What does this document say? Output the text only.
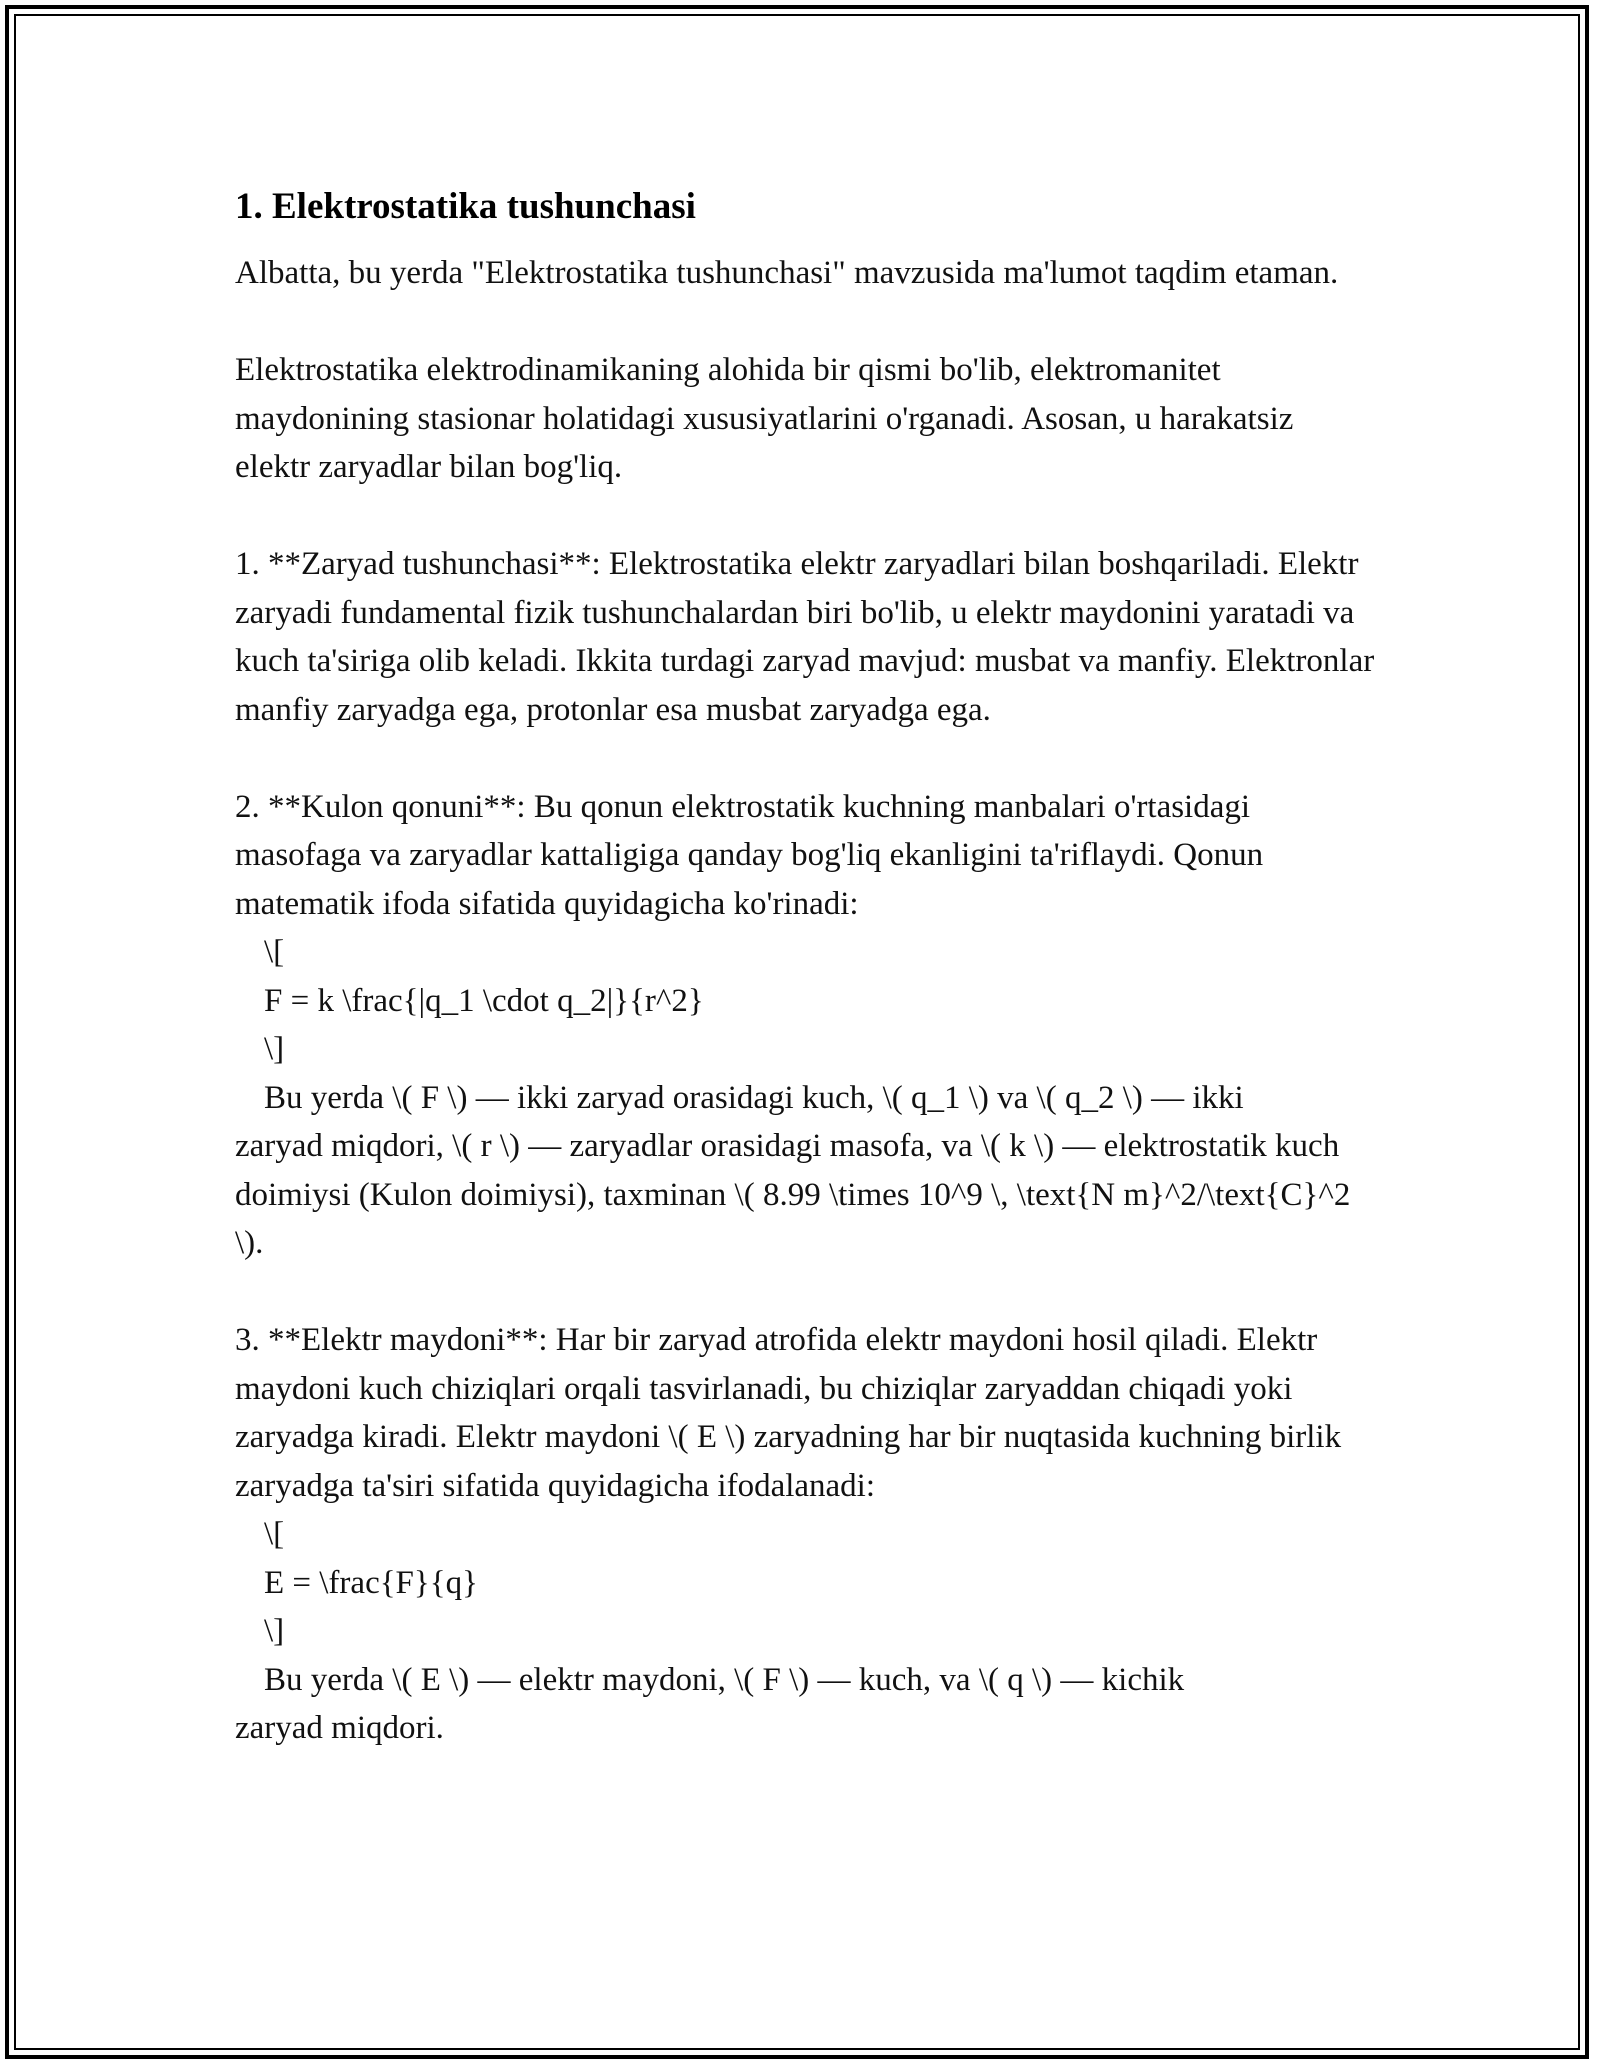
1. Elektrostatika tushunchasi

Albatta, bu yerda "Elektrostatika tushunchasi" mavzusida ma'lumot taqdim etaman.

Elektrostatika elektrodinamikaning alohida bir qismi bo'lib, elektromanitet maydonining stasionar holatidagi xususiyatlarini o'rganadi. Asosan, u harakatsiz elektr zaryadlar bilan bog'liq.

1. **Zaryad tushunchasi**: Elektrostatika elektr zaryadlari bilan boshqariladi. Elektr zaryadi fundamental fizik tushunchalardan biri bo'lib, u elektr maydonini yaratadi va kuch ta'siriga olib keladi. Ikkita turdagi zaryad mavjud: musbat va manfiy. Elektronlar manfiy zaryadga ega, protonlar esa musbat zaryadga ega.

2. **Kulon qonuni**: Bu qonun elektrostatik kuchning manbalari o'rtasidagi masofaga va zaryadlar kattaligiga qanday bog'liq ekanligini ta'riflaydi. Qonun matematik ifoda sifatida quyidagicha ko'rinadi:

\[

F = k \frac{|q_1 \cdot q_2|}{r^2}

\]

Bu yerda \( F \) — ikki zaryad orasidagi kuch, \( q_1 \) va \( q_2 \) — ikki

zaryad miqdori, \( r \) — zaryadlar orasidagi masofa, va \( k \) — elektrostatik kuch doimiysi (Kulon doimiysi), taxminan \( 8.99 \times 10^9 \, \text{N m}^2/\text{C}^2 \).

3. **Elektr maydoni**: Har bir zaryad atrofida elektr maydoni hosil qiladi. Elektr maydoni kuch chiziqlari orqali tasvirlanadi, bu chiziqlar zaryaddan chiqadi yoki zaryadga kiradi. Elektr maydoni \( E \) zaryadning har bir nuqtasida kuchning birlik zaryadga ta'siri sifatida quyidagicha ifodalanadi:

\[

E = \frac{F}{q}

\]

Bu yerda \( E \) — elektr maydoni, \( F \) — kuch, va \( q \) — kichik

zaryad miqdori.
